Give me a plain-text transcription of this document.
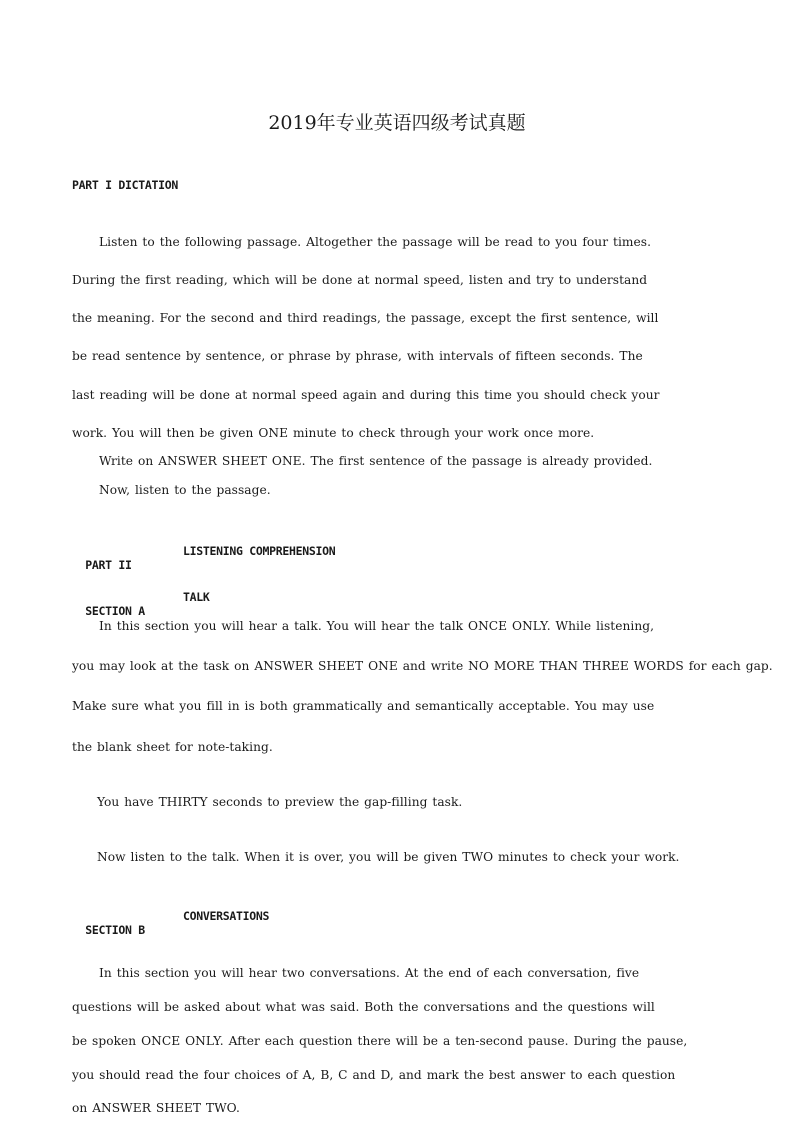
2019年专业英语四级考试真题
PART I DICTATION
Listen to the following passage. Altogether the passage will be read to you four times.
During the first reading, which will be done at normal speed, listen and try to understand
the meaning. For the second and third readings, the passage, except the first sentence, will
be read sentence by sentence, or phrase by phrase, with intervals of fifteen seconds. The
last reading will be done at normal speed again and during this time you should check your
work. You will then be given ONE minute to check through your work once more.
Write on ANSWER SHEET ONE. The first sentence of the passage is already provided.
Now, listen to the passage.

PART II

LISTENING COMPREHENSION

SECTION A

TALK

In this section you will hear a talk. You will hear the talk ONCE ONLY. While listening,
you may look at the task on ANSWER SHEET ONE and write NO MORE THAN THREE WORDS for each gap.
Make sure what you fill in is both grammatically and semantically acceptable. You may use
the blank sheet for note-taking.
You have THIRTY seconds to preview the gap-filling task.
Now listen to the talk. When it is over, you will be given TWO minutes to check your work.

SECTION B

CONVERSATIONS

In this section you will hear two conversations. At the end of each conversation, five
questions will be asked about what was said. Both the conversations and the questions will
be spoken ONCE ONLY. After each question there will be a ten-second pause. During the pause,
you should read the four choices of A, B, C and D, and mark the best answer to each question
on ANSWER SHEET TWO.
